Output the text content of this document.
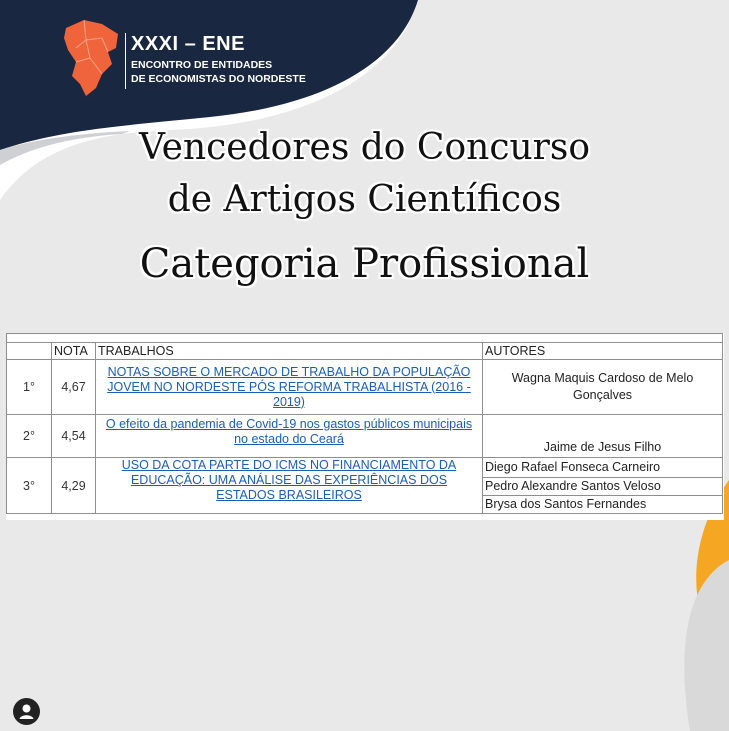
XXXI – ENE
ENCONTRO DE ENTIDADES
DE ECONOMISTAS DO NORDESTE
Vencedores do Concurso
de Artigos Científicos
Categoria Profissional

	NOTA	TRABALHOS	AUTORES
1°	4,67	NOTAS SOBRE O MERCADO DE TRABALHO DA POPULAÇÃO JOVEM NO NORDESTE PÓS REFORMA TRABALHISTA (2016 - 2019)	Wagna Maquis Cardoso de Melo Gonçalves
2°	4,54	O efeito da pandemia de Covid-19 nos gastos públicos municipais no estado do Ceará	Jaime de Jesus Filho
3°	4,29	USO DA COTA PARTE DO ICMS NO FINANCIAMENTO DA EDUCAÇÃO: UMA ANÁLISE DAS EXPERIÊNCIAS DOS ESTADOS BRASILEIROS	Diego Rafael Fonseca Carneiro
			Pedro Alexandre Santos Veloso
			Brysa dos Santos Fernandes
